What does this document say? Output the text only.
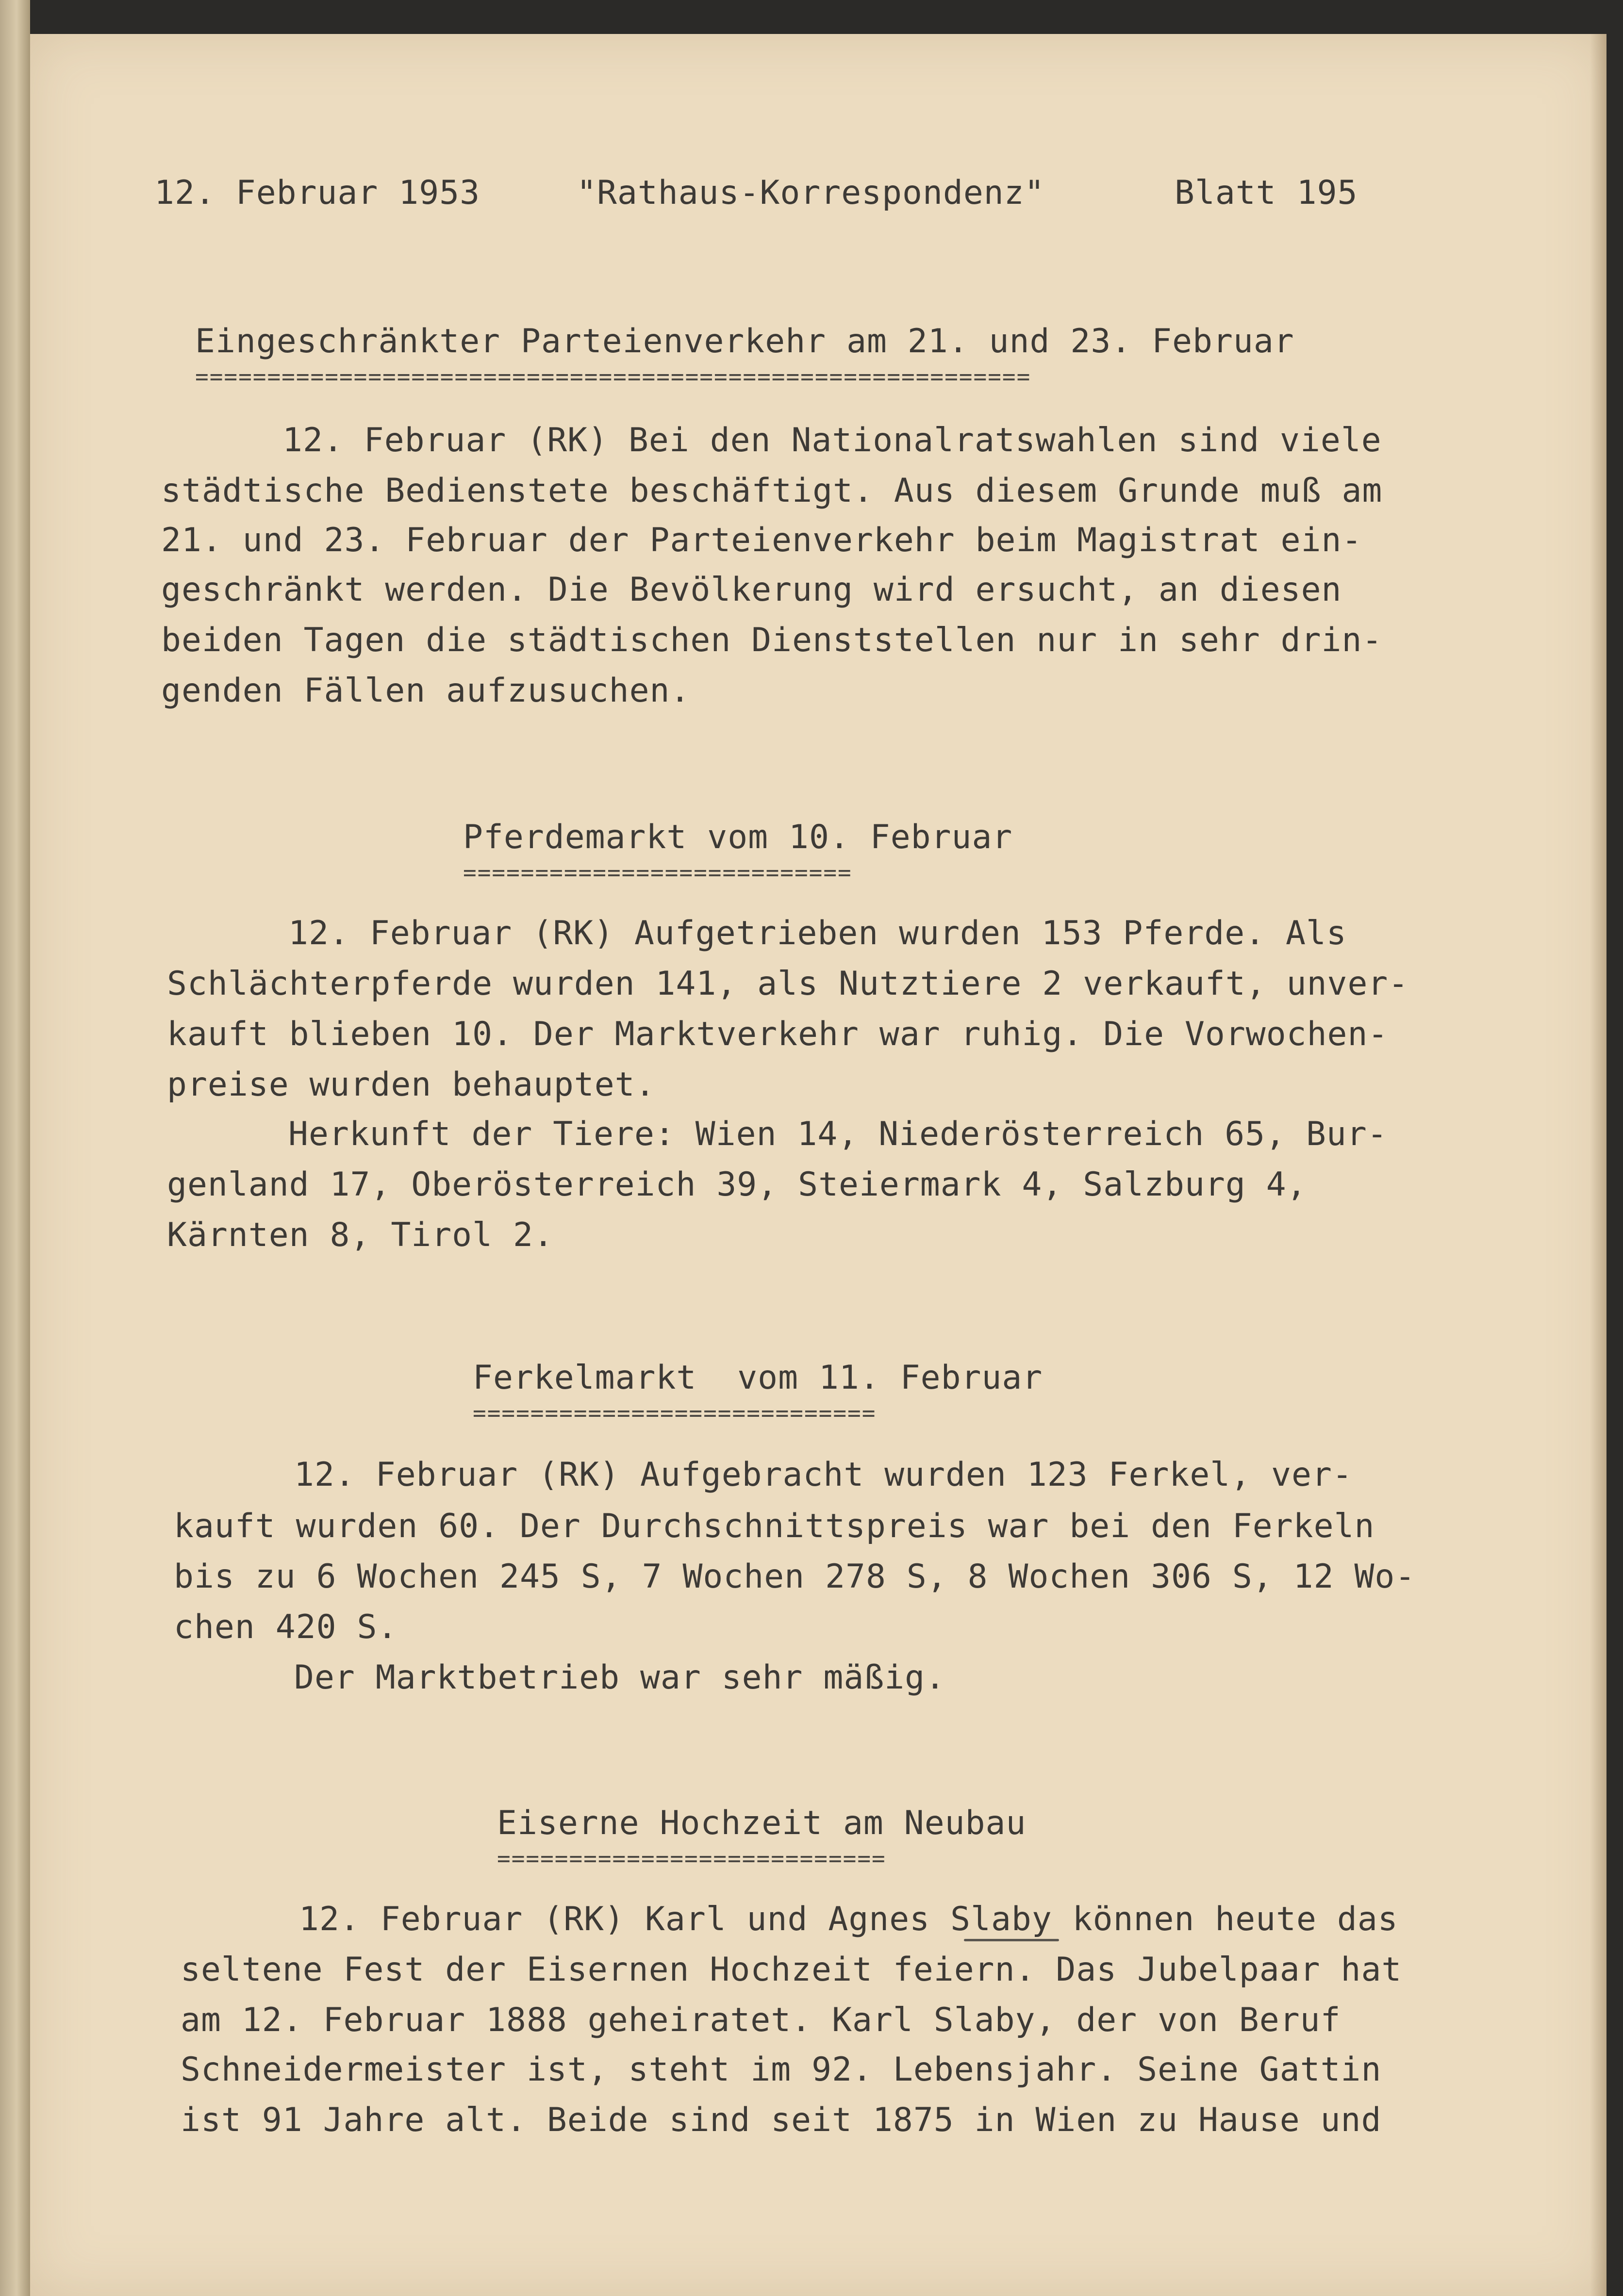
12. Februar 1953	"Rathaus-Korrespondenz"	Blatt 195
Eingeschränkter Parteienverkehr am 21. und 23. Februar
==========================================================
12. Februar (RK) Bei den Nationalratswahlen sind viele
städtische Bedienstete beschäftigt. Aus diesem Grunde muß am
21. und 23. Februar der Parteienverkehr beim Magistrat ein-
geschränkt werden. Die Bevölkerung wird ersucht, an diesen
beiden Tagen die städtischen Dienststellen nur in sehr drin-
genden Fällen aufzusuchen.
Pferdemarkt vom 10. Februar
===========================
12. Februar (RK) Aufgetrieben wurden 153 Pferde. Als
Schlächterpferde wurden 141, als Nutztiere 2 verkauft, unver-
kauft blieben 10. Der Marktverkehr war ruhig. Die Vorwochen-
preise wurden behauptet.
Herkunft der Tiere: Wien 14, Niederösterreich 65, Bur-
genland 17, Oberösterreich 39, Steiermark 4, Salzburg 4,
Kärnten 8, Tirol 2.
Ferkelmarkt  vom 11. Februar
============================
12. Februar (RK) Aufgebracht wurden 123 Ferkel, ver-
kauft wurden 60. Der Durchschnittspreis war bei den Ferkeln
bis zu 6 Wochen 245 S, 7 Wochen 278 S, 8 Wochen 306 S, 12 Wo-
chen 420 S.
Der Marktbetrieb war sehr mäßig.
Eiserne Hochzeit am Neubau
===========================
12. Februar (RK) Karl und Agnes Slaby können heute das
seltene Fest der Eisernen Hochzeit feiern. Das Jubelpaar hat
am 12. Februar 1888 geheiratet. Karl Slaby, der von Beruf
Schneidermeister ist, steht im 92. Lebensjahr. Seine Gattin
ist 91 Jahre alt. Beide sind seit 1875 in Wien zu Hause und
